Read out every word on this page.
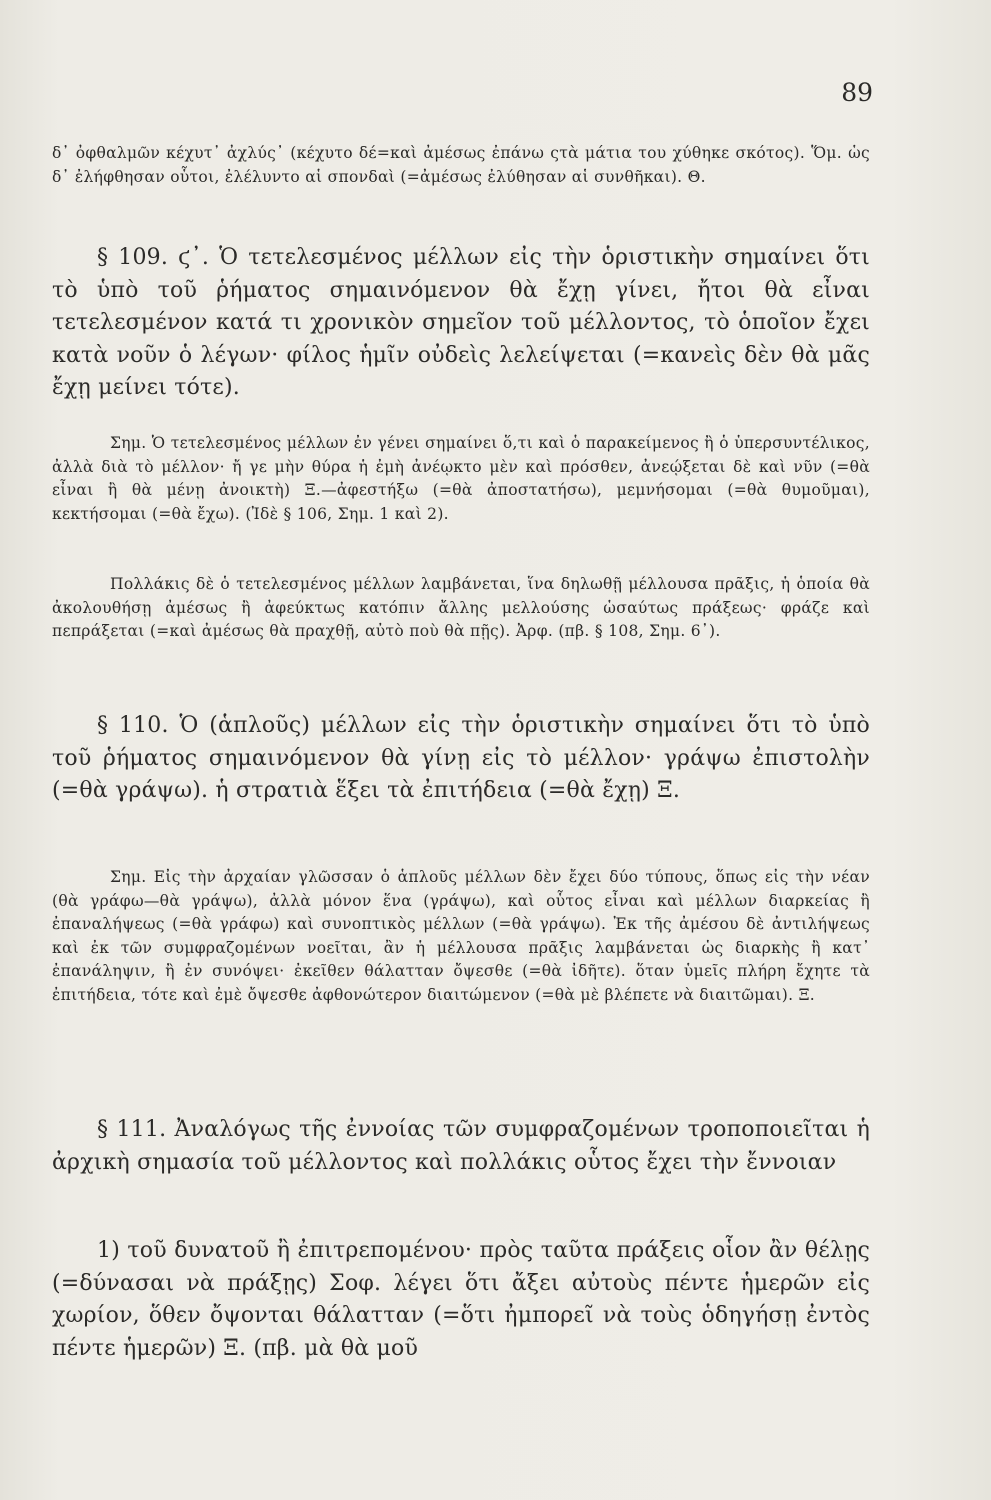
89

δ᾽ ὀφθαλμῶν κέχυτ᾽ ἀχλύς᾽ (κέχυτο δέ=καὶ ἀμέσως ἐπάνω ςτὰ μάτια του χύθηκε σκότος). Ὅμ. ὡς δ᾽ ἐλήφθησαν οὗτοι, ἐλέλυντο αἱ σπονδαὶ (=ἀμέσως ἐλύθησαν αἱ συνθῆκαι). Θ.

§ 109. ϛ᾽. Ὁ τετελεσμένος μέλλων εἰς τὴν ὁριστικὴν σημαίνει ὅτι τὸ ὑπὸ τοῦ ῥήματος σημαινόμενον θὰ ἔχῃ γίνει, ἤτοι θὰ εἶναι τετελεσμένον κατά τι χρονικὸν σημεῖον τοῦ μέλλοντος, τὸ ὁποῖον ἔχει κατὰ νοῦν ὁ λέγων· φίλος ἡμῖν οὐδεὶς λελείψεται (=κανεὶς δὲν θὰ μᾶς ἔχῃ μείνει τότε).

Σημ. Ὁ τετελεσμένος μέλλων ἐν γένει σημαίνει ὅ,τι καὶ ὁ παρακείμενος ἢ ὁ ὑπερσυντέλικος, ἀλλὰ διὰ τὸ μέλλον· ἤ γε μὴν θύρα ἡ ἐμὴ ἀνέῳκτο μὲν καὶ πρόσθεν, ἀνεῴξεται δὲ καὶ νῦν (=θὰ εἶναι ἢ θὰ μένῃ ἀνοικτὴ) Ξ.—ἀφεστήξω (=θὰ ἀποστατήσω), μεμνήσομαι (=θὰ θυμοῦμαι), κεκτήσομαι (=θὰ ἔχω). (Ἰδὲ § 106, Σημ. 1 καὶ 2).

Πολλάκις δὲ ὁ τετελεσμένος μέλλων λαμβάνεται, ἵνα δηλωθῇ μέλλουσα πρᾶξις, ἡ ὁποία θὰ ἀκολουθήσῃ ἀμέσως ἢ ἀφεύκτως κατόπιν ἄλλης μελλούσης ὡσαύτως πράξεως· φράζε καὶ πεπράξεται (=καὶ ἀμέσως θὰ πραχθῇ, αὐτὸ ποὺ θὰ πῇς). Ἀρφ. (πβ. § 108, Σημ. 6᾽).

§ 110. Ὁ (ἁπλοῦς) μέλλων εἰς τὴν ὁριστικὴν σημαίνει ὅτι τὸ ὑπὸ τοῦ ῥήματος σημαινόμενον θὰ γίνῃ εἰς τὸ μέλλον· γράψω ἐπιστολὴν (=θὰ γράψω). ἡ στρατιὰ ἕξει τὰ ἐπιτήδεια (=θὰ ἔχῃ) Ξ.

Σημ. Εἰς τὴν ἀρχαίαν γλῶσσαν ὁ ἁπλοῦς μέλλων δὲν ἔχει δύο τύπους, ὅπως εἰς τὴν νέαν (θὰ γράφω—θὰ γράψω), ἀλλὰ μόνον ἕνα (γράψω), καὶ οὗτος εἶναι καὶ μέλλων διαρκείας ἢ ἐπαναλήψεως (=θὰ γράφω) καὶ συνοπτικὸς μέλλων (=θὰ γράψω). Ἐκ τῆς ἀμέσου δὲ ἀντιλήψεως καὶ ἐκ τῶν συμφραζομένων νοεῖται, ἂν ἡ μέλλουσα πρᾶξις λαμβάνεται ὡς διαρκὴς ἢ κατ᾽ ἐπανάληψιν, ἢ ἐν συνόψει· ἐκεῖθεν θάλατταν ὄψεσθε (=θὰ ἰδῆτε). ὅταν ὑμεῖς πλήρη ἔχητε τὰ ἐπιτήδεια, τότε καὶ ἐμὲ ὄψεσθε ἀφθονώτερον διαιτώμενον (=θὰ μὲ βλέπετε νὰ διαιτῶμαι). Ξ.

§ 111. Ἀναλόγως τῆς ἐννοίας τῶν συμφραζομένων τροποποιεῖται ἡ ἀρχικὴ σημασία τοῦ μέλλοντος καὶ πολλάκις οὗτος ἔχει τὴν ἔννοιαν

1) τοῦ δυνατοῦ ἢ ἐπιτρεπομένου· πρὸς ταῦτα πράξεις οἷον ἂν θέλῃς (=δύνασαι νὰ πράξῃς) Σοφ. λέγει ὅτι ἄξει αὐτοὺς πέντε ἡμερῶν εἰς χωρίον, ὅθεν ὄψονται θάλατταν (=ὅτι ἠμπορεῖ νὰ τοὺς ὁδηγήσῃ ἐντὸς πέντε ἡμερῶν) Ξ. (πβ. μὰ θὰ μοῦ
